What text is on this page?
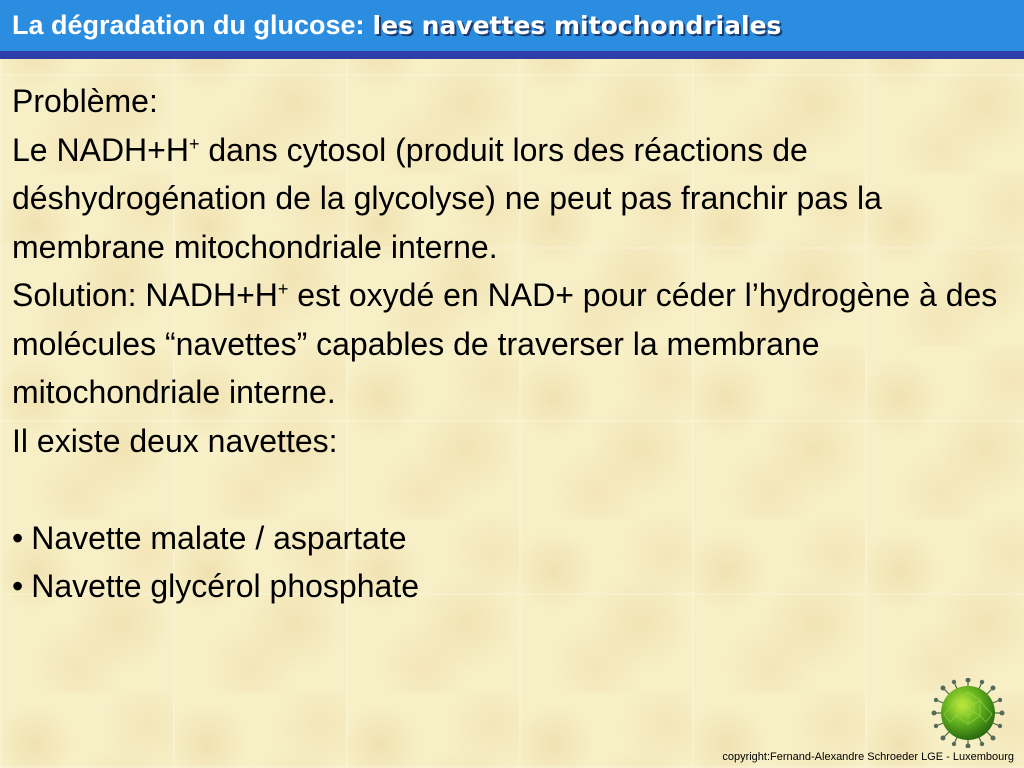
La dégradation du glucose: les navettes mitochondriales

Problème:

Le NADH+H+ dans cytosol (produit lors des réactions de déshydrogénation de la glycolyse) ne peut pas franchir pas la membrane mitochondriale interne.

Solution: NADH+H+ est oxydé en NAD+ pour céder l’hydrogène à des molécules “navettes” capables de traverser la membrane mitochondriale interne.

Il existe deux navettes:

• Navette malate / aspartate

• Navette glycérol phosphate

copyright:Fernand-Alexandre Schroeder LGE - Luxembourg
